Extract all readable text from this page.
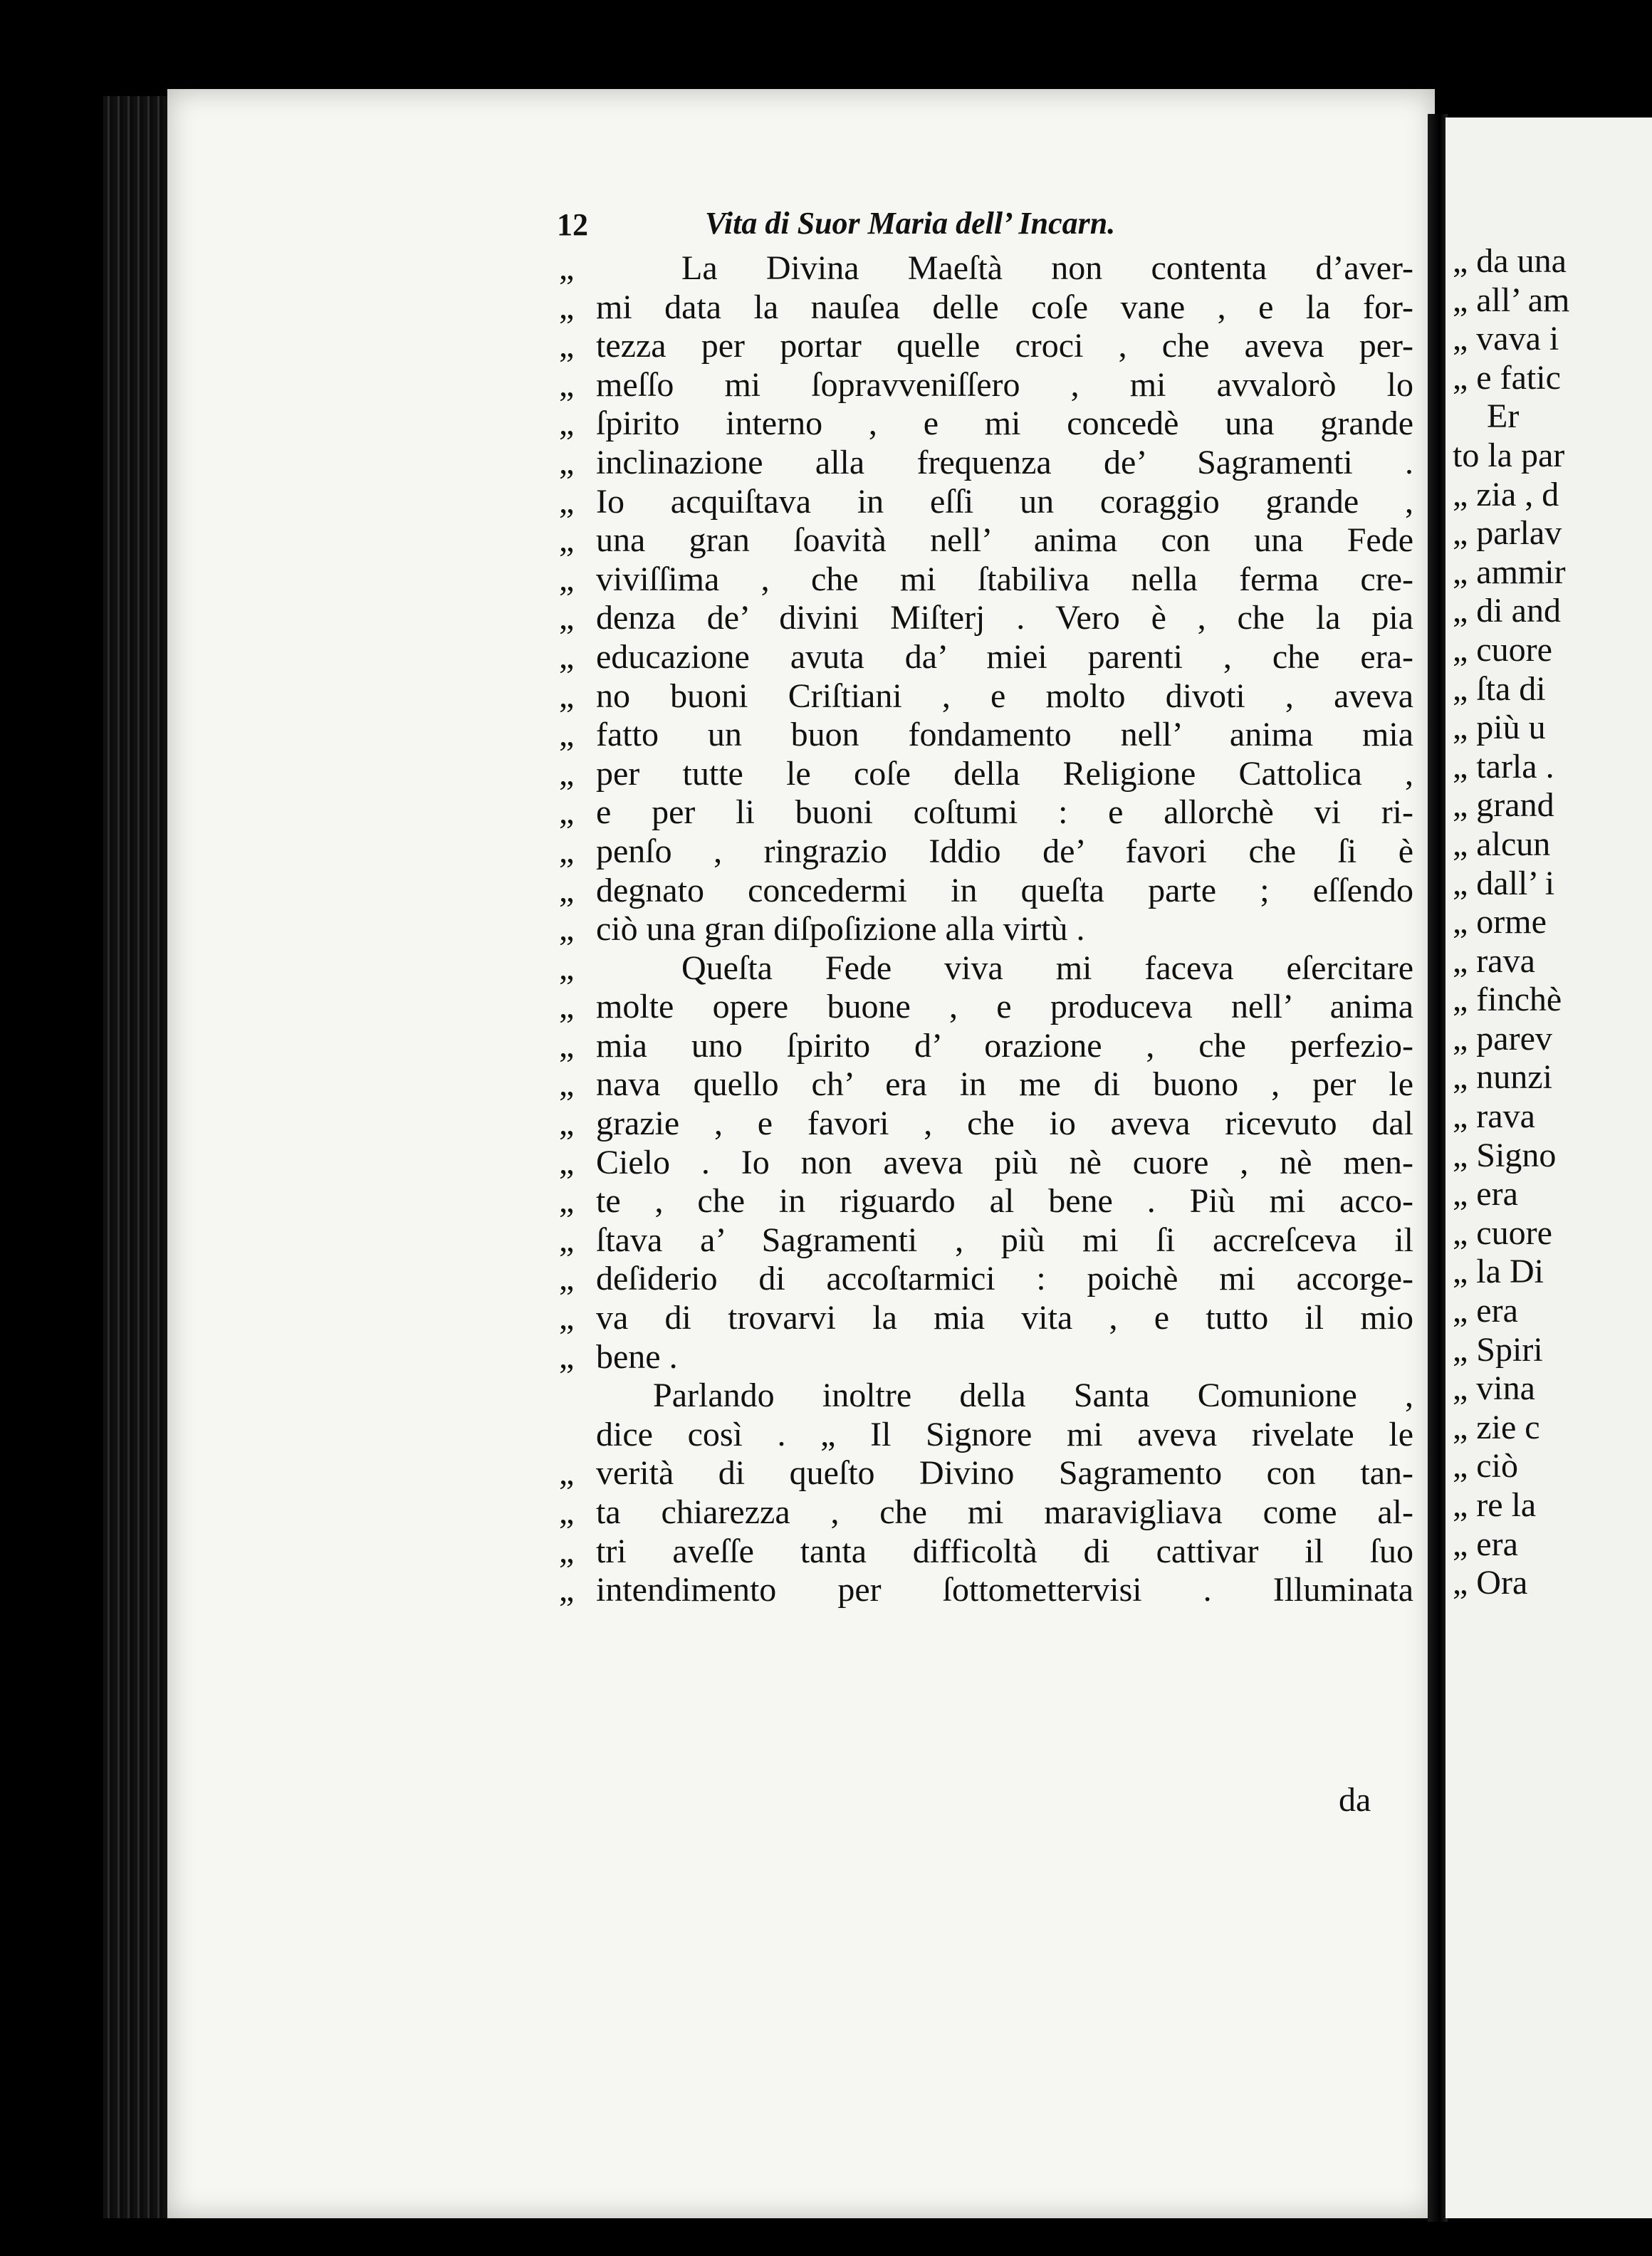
12	Vita di Suor Maria dell’ Incarn.
„	La Divina Maeſtà non contenta d’aver-
„ mi data la nauſea delle coſe vane , e la for-
„ tezza per portar quelle croci , che aveva per-
„ meſſo mi ſopravveniſſero , mi avvalorò lo
„ ſpirito interno , e mi concedè una grande
„ inclinazione alla frequenza de’ Sagramenti .
„ Io acquiſtava in eſſi un coraggio grande ,
„ una gran ſoavità nell’ anima con una Fede
„ viviſſima , che mi ſtabiliva nella ferma cre-
„ denza de’ divini Miſterj . Vero è , che la pia
„ educazione avuta da’ miei parenti , che era-
„ no buoni Criſtiani , e molto divoti , aveva
„ fatto un buon fondamento nell’ anima mia
„ per tutte le coſe della Religione Cattolica ,
„ e per li buoni coſtumi : e allorchè vi ri-
„ penſo , ringrazio Iddio de’ favori che ſi è
„ degnato concedermi in queſta parte ; eſſendo
„ ciò una gran diſpoſizione alla virtù .
„	Queſta Fede viva mi faceva eſercitare
„ molte opere buone , e produceva nell’ anima
„ mia uno ſpirito d’ orazione , che perfezio-
„ nava quello ch’ era in me di buono , per le
„ grazie , e favori , che io aveva ricevuto dal
„ Cielo . Io non aveva più nè cuore , nè men-
„ te , che in riguardo al bene . Più mi acco-
„ ſtava a’ Sagramenti , più mi ſi accreſceva il
„ deſiderio di accoſtarmici : poichè mi accorge-
„ va di trovarvi la mia vita , e tutto il mio
„ bene .
Parlando inoltre della Santa Comunione ,
dice così . „ Il Signore mi aveva rivelate le
„ verità di queſto Divino Sagramento con tan-
„ ta chiarezza , che mi maravigliava come al-
„ tri aveſſe tanta difficoltà di cattivar il ſuo
„ intendimento per ſottomettervisi . Illuminata
da
„ da una
„ all’ am
„ vava i
„ e fatic
Er
to la par
„ zia , d
„ parlav
„ ammir
„ di and
„ cuore
„ ſta di
„ più u
„ tarla .
„ grand
„ alcun
„ dall’ i
„ orme
„ rava
„ finchè
„ parev
„ nunzi
„ rava
„ Signo
„ era
„ cuore
„ la Di
„ era
„ Spiri
„ vina
„ zie c
„ ciò
„ re la
„ era
„ Ora
